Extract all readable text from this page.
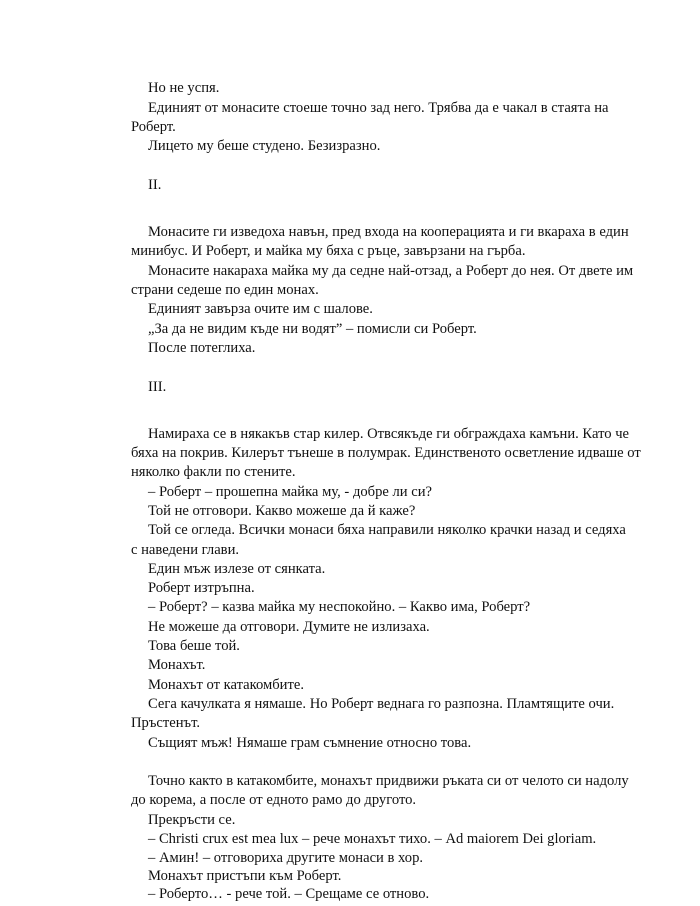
Но не успя.
Единият от монасите стоеше точно зад него. Трябва да е чакал в стаята на
Роберт.
Лицето му беше студено. Безизразно.
II.
Монасите ги изведоха навън, пред входа на кооперацията и ги вкараха в един
минибус. И Роберт, и майка му бяха с ръце, завързани на гърба.
Монасите накараха майка му да седне най-отзад, а Роберт до нея. От двете им
страни седеше по един монах.
Единият завърза очите им с шалове.
„За да не видим къде ни водят” – помисли си Роберт.
После потеглиха.
III.
Намираха се в някакъв стар килер. Отвсякъде ги обграждаха камъни. Като че
бяха на покрив. Килерът тънеше в полумрак. Единственото осветление идваше от
няколко факли по стените.
– Роберт – прошепна майка му, - добре ли си?
Той не отговори. Какво можеше да й каже?
Той се огледа. Всички монаси бяха направили няколко крачки назад и седяха
с наведени глави.
Един мъж излезе от сянката.
Роберт изтръпна.
– Роберт? – казва майка му неспокойно. – Какво има, Роберт?
Не можеше да отговори. Думите не излизаха.
Това беше той.
Монахът.
Монахът от катакомбите.
Сега качулката я нямаше. Но Роберт веднага го разпозна. Пламтящите очи.
Пръстенът.
Същият мъж! Нямаше грам съмнение относно това.
Точно както в катакомбите, монахът придвижи ръката си от челото си надолу
до корема, а после от едното рамо до другото.
Прекръсти се.
– Christi crux est mea lux – рече монахът тихо. – Ad maiorem Dei gloriam.
– Амин! – отговориха другите монаси в хор.
Монахът пристъпи към Роберт.
– Роберто… - рече той. – Срещаме се отново.
